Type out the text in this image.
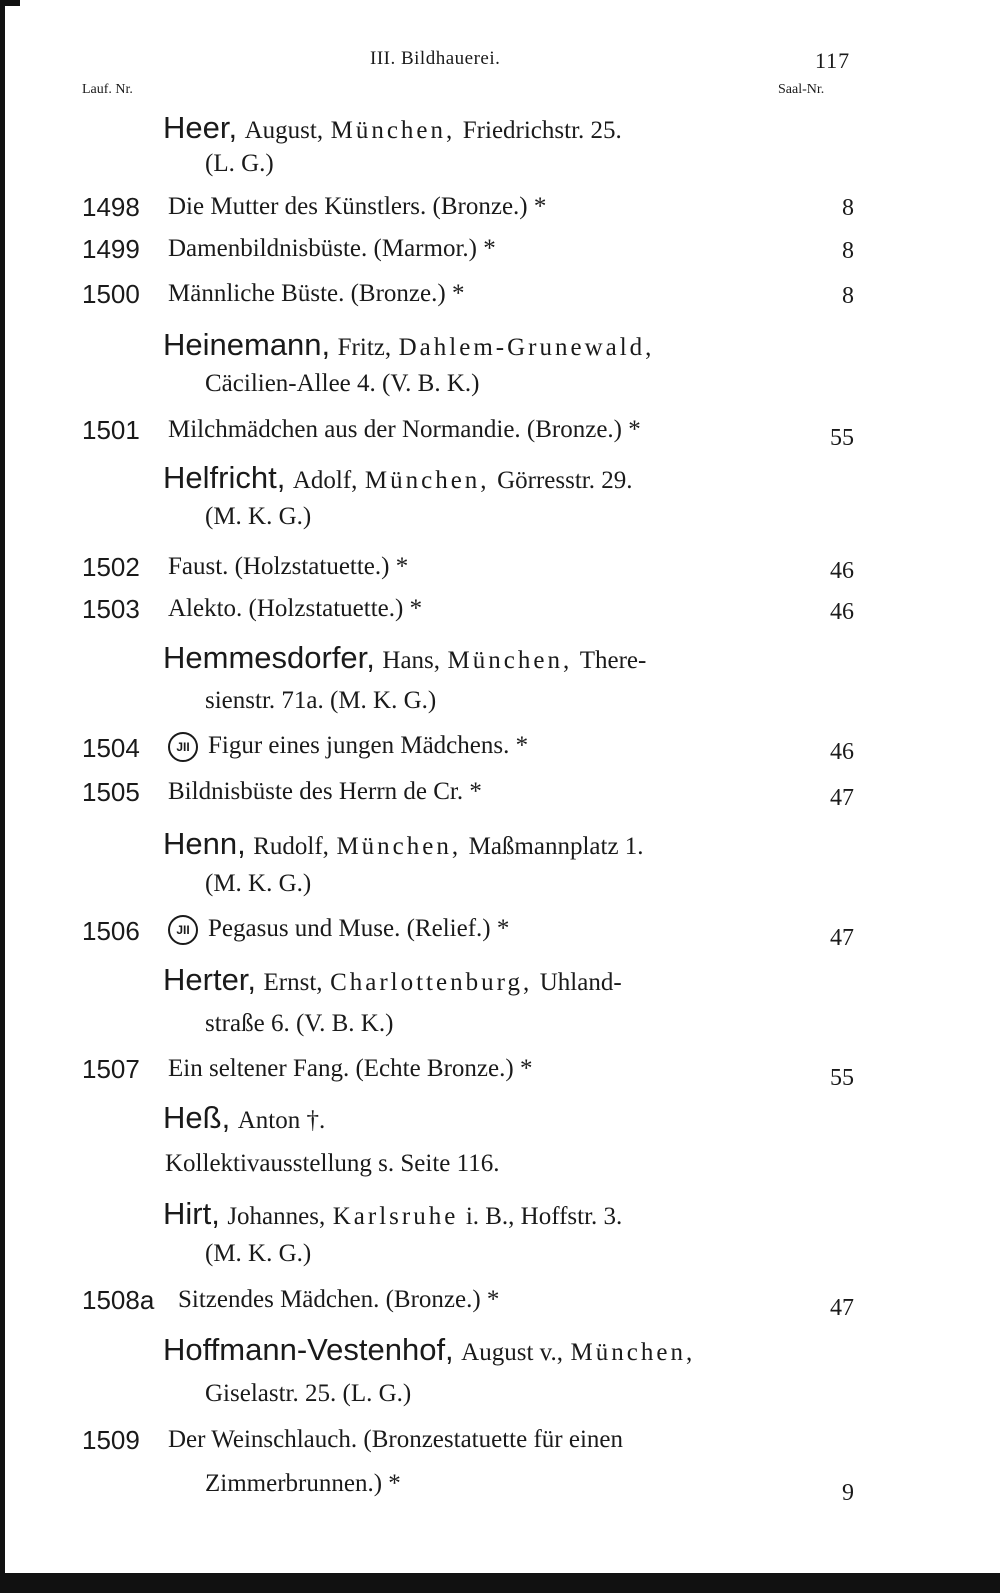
III. Bildhauerei.	117
Lauf. Nr.	Saal-Nr.
Heer, August, München, Friedrichstr. 25.
(L. G.)
1498 Die Mutter des Künstlers. (Bronze.) *	8
1499 Damenbildnisbüste. (Marmor.) *	8
1500 Männliche Büste. (Bronze.) *	8
Heinemann, Fritz, Dahlem-Grunewald,
Cäcilien-Allee 4. (V. B. K.)
1501 Milchmädchen aus der Normandie. (Bronze.) *	55
Helfricht, Adolf, München, Görresstr. 29.
(M. K. G.)
1502 Faust. (Holzstatuette.) *	46
1503 Alekto. (Holzstatuette.) *	46
Hemmesdorfer, Hans, München, There-
sienstr. 71a. (M. K. G.)
1504	JII Figur eines jungen Mädchens. *	46
1505 Bildnisbüste des Herrn de Cr. *	47
Henn, Rudolf, München, Maßmannplatz 1.
(M. K. G.)
1506	JII Pegasus und Muse. (Relief.) *	47
Herter, Ernst, Charlottenburg, Uhland-
straße 6. (V. B. K.)
1507 Ein seltener Fang. (Echte Bronze.) *	55
Heß, Anton †.
Kollektivausstellung s. Seite 116.
Hirt, Johannes, Karlsruhe i. B., Hoffstr. 3.
(M. K. G.)
1508a Sitzendes Mädchen. (Bronze.) *	47
Hoffmann-Vestenhof, August v., München,
Giselastr. 25. (L. G.)
1509 Der Weinschlauch. (Bronzestatuette für einen
Zimmerbrunnen.) *	9
